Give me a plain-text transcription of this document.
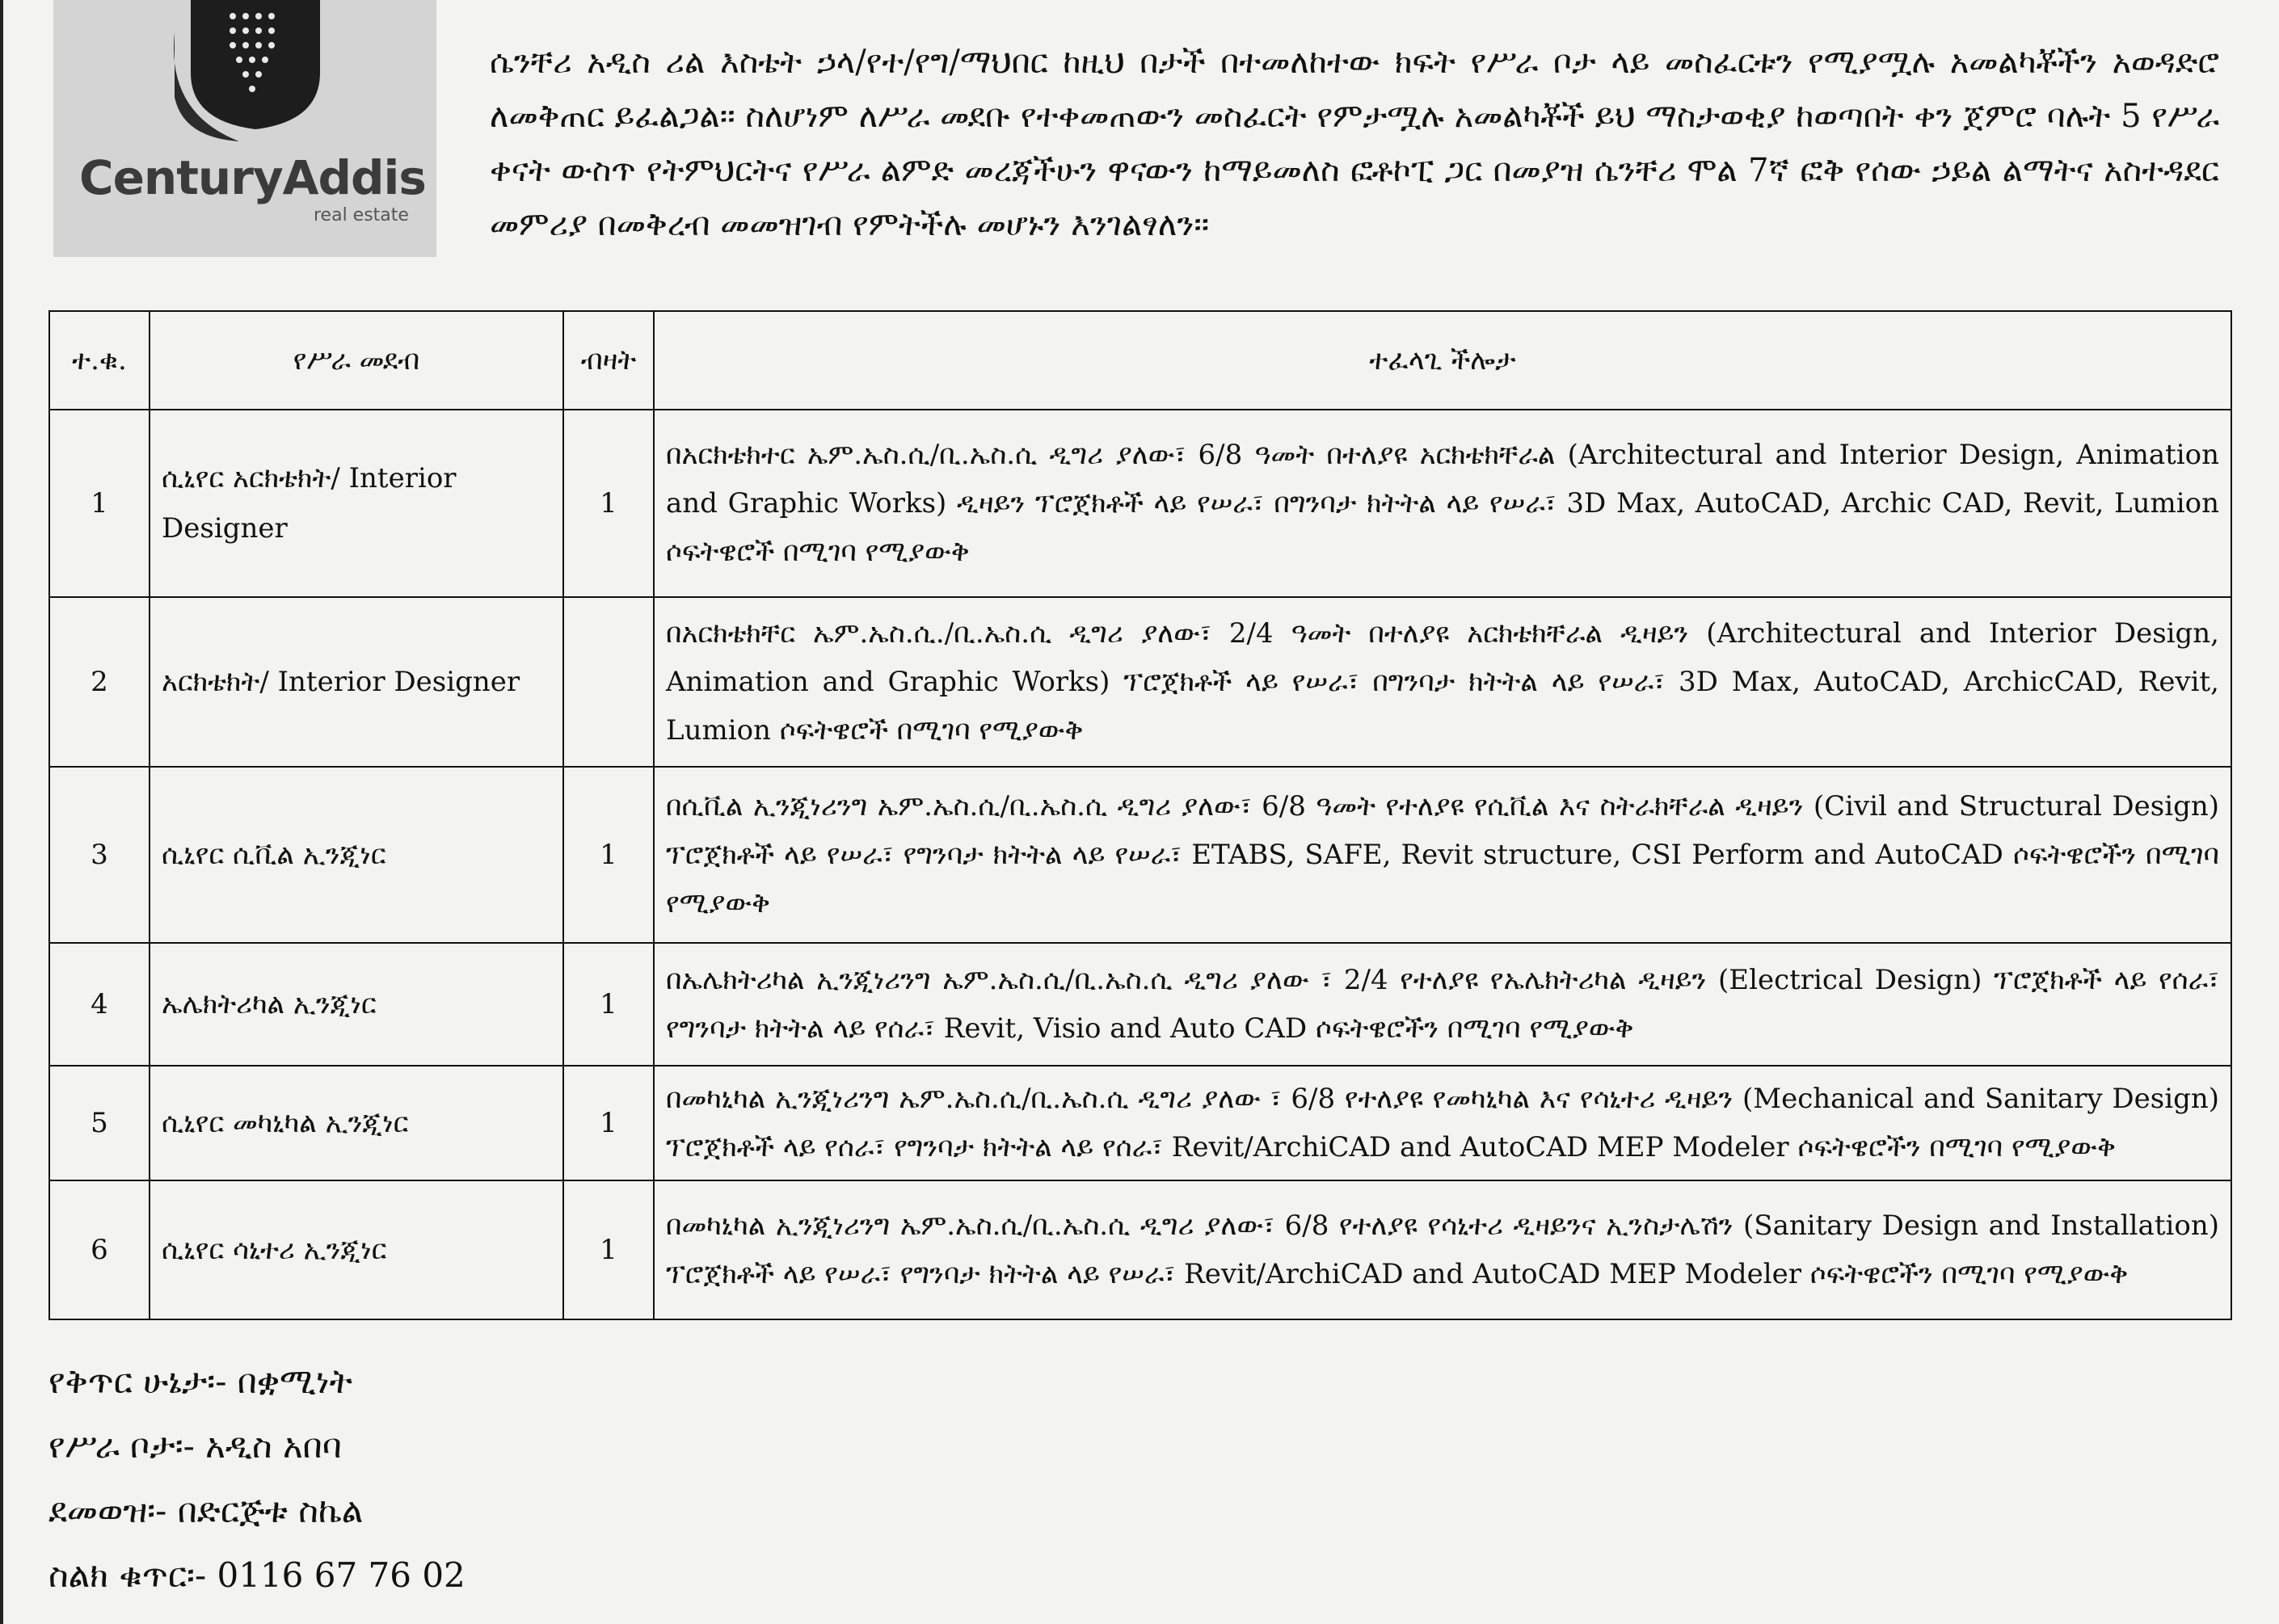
CenturyAddis
real estate
ሴንቸሪ አዲስ ሪል እስቴት ኃላ/የተ/የግ/ማህበር ከዚህ በታች በተመለከተው ክፍት የሥራ ቦታ ላይ መስፈርቱን የሚያሟሉ አመልካቾችን አወዳድሮ ለመቅጠር ይፈልጋል፡፡ ስለሆነም ለሥራ መደቡ የተቀመጠውን መስፈርት የምታሟሉ አመልካቾች ይህ ማስታወቂያ ከወጣበት ቀን ጀምሮ ባሉት 5 የሥራ ቀናት ውስጥ የትምህርትና የሥራ ልምድ መረጃችሁን ዋናውን ከማይመለስ ፎቶኮፒ ጋር በመያዝ ሴንቸሪ ሞል 7ኛ ፎቅ የሰው ኃይል ልማትና አስተዳደር መምሪያ በመቅረብ መመዝገብ የምትችሉ መሆኑን እንገልፃለን፡፡
ተ.ቁ.	የሥራ መደብ	ብዛት	ተፈላጊ ችሎታ
1	ሲኒየር አርክቴክት/ Interior Designer	1	በአርክቴክተር ኤም.ኤስ.ሲ/ቢ.ኤስ.ሲ ዲግሪ ያለው፣ 6/8 ዓመት በተለያዩ አርክቴክቸራል (Architectural and Interior Design, Animation and Graphic Works) ዲዛይን ፕሮጀክቶች ላይ የሠራ፣ በግንባታ ክትትል ላይ የሠራ፣ 3D Max, AutoCAD, Archic CAD, Revit, Lumion ሶፍትዌሮች በሚገባ የሚያውቅ
2	አርክቴክት/ Interior Designer		በአርክቴክቸር ኤም.ኤስ.ሲ./ቢ.ኤስ.ሲ ዲግሪ ያለው፣ 2/4 ዓመት በተለያዩ አርክቴክቸራል ዲዛይን (Architectural and Interior Design, Animation and Graphic Works) ፕሮጀክቶች ላይ የሠራ፣ በግንባታ ክትትል ላይ የሠራ፣ 3D Max, AutoCAD, ArchicCAD, Revit, Lumion ሶፍትዌሮች በሚገባ የሚያውቅ
3	ሲኒየር ሲቪል ኢንጂነር	1	በሲቪል ኢንጂነሪንግ ኤም.ኤስ.ሲ/ቢ.ኤስ.ሲ ዲግሪ ያለው፣ 6/8 ዓመት የተለያዩ የሲቪል እና ስትራክቸራል ዲዛይን (Civil and Structural Design) ፕሮጀክቶች ላይ የሠራ፣ የግንባታ ክትትል ላይ የሠራ፣ ETABS, SAFE, Revit structure, CSI Perform and AutoCAD ሶፍትዌሮችን በሚገባ የሚያውቅ
4	ኤሌክትሪካል ኢንጂነር	1	በኤሌክትሪካል ኢንጂነሪንግ ኤም.ኤስ.ሲ/ቢ.ኤስ.ሲ ዲግሪ ያለው ፣ 2/4 የተለያዩ የኤሌክትሪካል ዲዛይን (Electrical Design) ፕሮጀክቶች ላይ የሰራ፣ የግንባታ ክትትል ላይ የሰራ፣ Revit, Visio and Auto CAD ሶፍትዌሮችን በሚገባ የሚያውቅ
5	ሲኒየር መካኒካል ኢንጂነር	1	በመካኒካል ኢንጂነሪንግ ኤም.ኤስ.ሲ/ቢ.ኤስ.ሲ ዲግሪ ያለው ፣ 6/8 የተለያዩ የመካኒካል እና የሳኒተሪ ዲዛይን (Mechanical and Sanitary Design) ፕሮጀክቶች ላይ የሰራ፣ የግንባታ ክትትል ላይ የሰራ፣ Revit/ArchiCAD and AutoCAD MEP Modeler ሶፍትዌሮችን በሚገባ የሚያውቅ
6	ሲኒየር ሳኒተሪ ኢንጂነር	1	በመካኒካል ኢንጂነሪንግ ኤም.ኤስ.ሲ/ቢ.ኤስ.ሲ ዲግሪ ያለው፣ 6/8 የተለያዩ የሳኒተሪ ዲዛይንና ኢንስታሌሽን (Sanitary Design and Installation) ፕሮጀክቶች ላይ የሠራ፣ የግንባታ ክትትል ላይ የሠራ፣ Revit/ArchiCAD and AutoCAD MEP Modeler ሶፍትዌሮችን በሚገባ የሚያውቅ
የቅጥር ሁኔታ፡- በቋሚነት
የሥራ ቦታ፡- አዲስ አበባ
ደመወዝ፡- በድርጅቱ ስኬል
ስልክ ቁጥር፡- 0116 67 76 02
